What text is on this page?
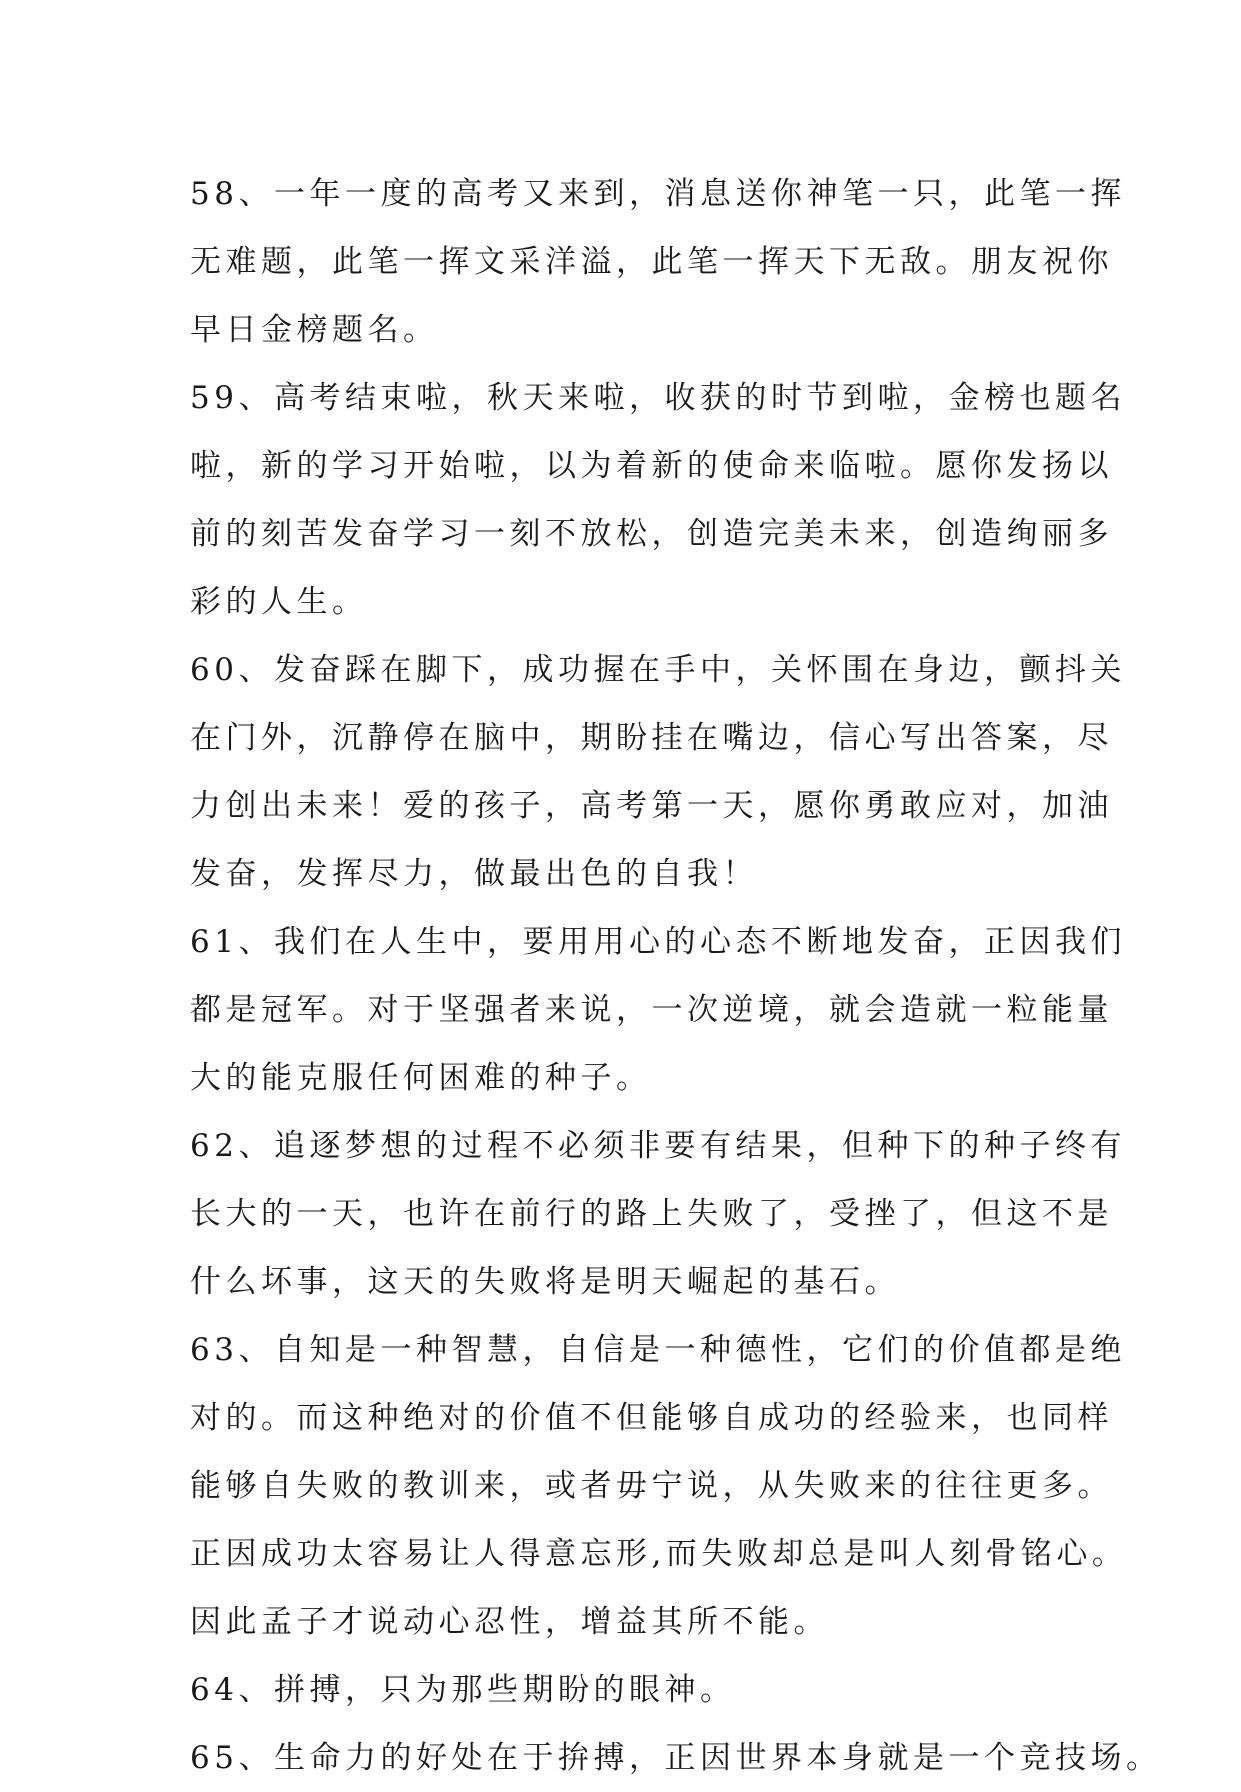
58、一年一度的高考又来到，消息送你神笔一只，此笔一挥
无难题，此笔一挥文采洋溢，此笔一挥天下无敌。朋友祝你
早日金榜题名。
59、高考结束啦，秋天来啦，收获的时节到啦，金榜也题名
啦，新的学习开始啦，以为着新的使命来临啦。愿你发扬以
前的刻苦发奋学习一刻不放松，创造完美未来，创造绚丽多
彩的人生。
60、发奋踩在脚下，成功握在手中，关怀围在身边，颤抖关
在门外，沉静停在脑中，期盼挂在嘴边，信心写出答案，尽
力创出未来！爱的孩子，高考第一天，愿你勇敢应对，加油
发奋，发挥尽力，做最出色的自我！
61、我们在人生中，要用用心的心态不断地发奋，正因我们
都是冠军。对于坚强者来说，一次逆境，就会造就一粒能量
大的能克服任何困难的种子。
62、追逐梦想的过程不必须非要有结果，但种下的种子终有
长大的一天，也许在前行的路上失败了，受挫了，但这不是
什么坏事，这天的失败将是明天崛起的基石。
63、自知是一种智慧，自信是一种德性，它们的价值都是绝
对的。而这种绝对的价值不但能够自成功的经验来，也同样
能够自失败的教训来，或者毋宁说，从失败来的往往更多。
正因成功太容易让人得意忘形,而失败却总是叫人刻骨铭心。
因此孟子才说动心忍性，增益其所不能。
64、拼搏，只为那些期盼的眼神。
65、生命力的好处在于拚搏，正因世界本身就是一个竞技场。
